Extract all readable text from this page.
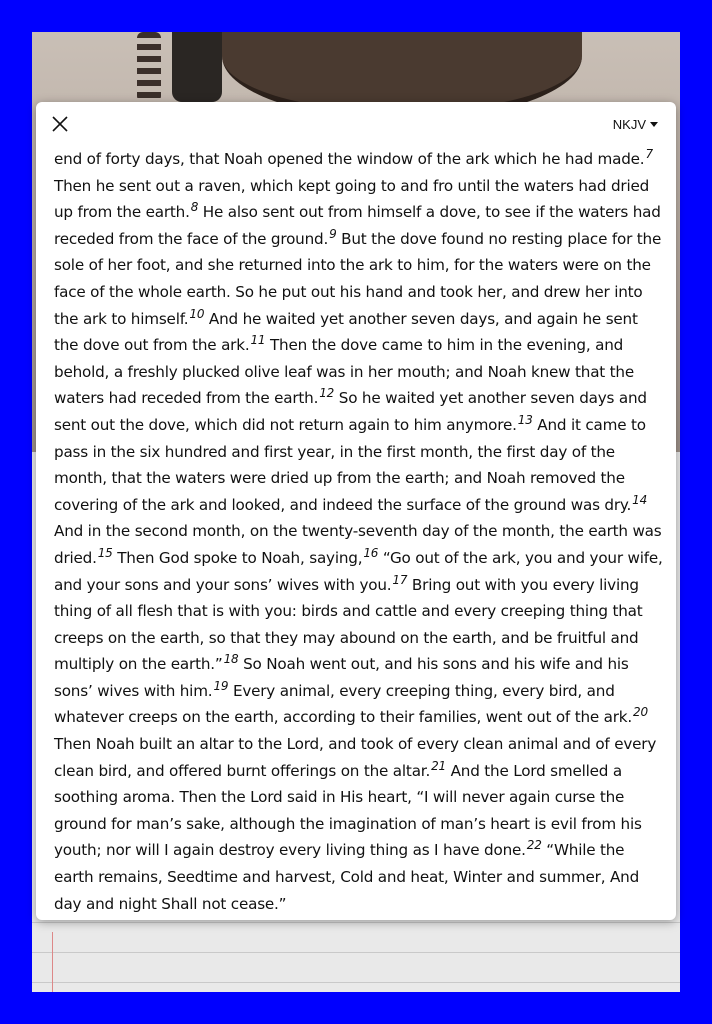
NKJV

end of forty days, that Noah opened the window of the ark which he had made.$^7$ Then he sent out a raven, which kept going to and fro until the waters had dried up from the earth.$^8$ He also sent out from himself a dove, to see if the waters had receded from the face of the ground.$^9$ But the dove found no resting place for the sole of her foot, and she returned into the ark to him, for the waters were on the face of the whole earth. So he put out his hand and took her, and drew her into the ark to himself.$^{10}$ And he waited yet another seven days, and again he sent the dove out from the ark.$^{11}$ Then the dove came to him in the evening, and behold, a freshly plucked olive leaf was in her mouth; and Noah knew that the waters had receded from the earth.$^{12}$ So he waited yet another seven days and sent out the dove, which did not return again to him anymore.$^{13}$ And it came to pass in the six hundred and first year, in the first month, the first day of the month, that the waters were dried up from the earth; and Noah removed the covering of the ark and looked, and indeed the surface of the ground was dry.$^{14}$ And in the second month, on the twenty-seventh day of the month, the earth was dried.$^{15}$ Then God spoke to Noah, saying,$^{16}$ “Go out of the ark, you and your wife, and your sons and your sons’ wives with you.$^{17}$ Bring out with you every living thing of all flesh that is with you: birds and cattle and every creeping thing that creeps on the earth, so that they may abound on the earth, and be fruitful and multiply on the earth.”$^{18}$ So Noah went out, and his sons and his wife and his sons’ wives with him.$^{19}$ Every animal, every creeping thing, every bird, and whatever creeps on the earth, according to their families, went out of the ark.$^{20}$ Then Noah built an altar to the Lord, and took of every clean animal and of every clean bird, and offered burnt offerings on the altar.$^{21}$ And the Lord smelled a soothing aroma. Then the Lord said in His heart, “I will never again curse the ground for man’s sake, although the imagination of man’s heart is evil from his youth; nor will I again destroy every living thing as I have done.$^{22}$ “While the earth remains, Seedtime and harvest, Cold and heat, Winter and summer, And day and night Shall not cease.”
